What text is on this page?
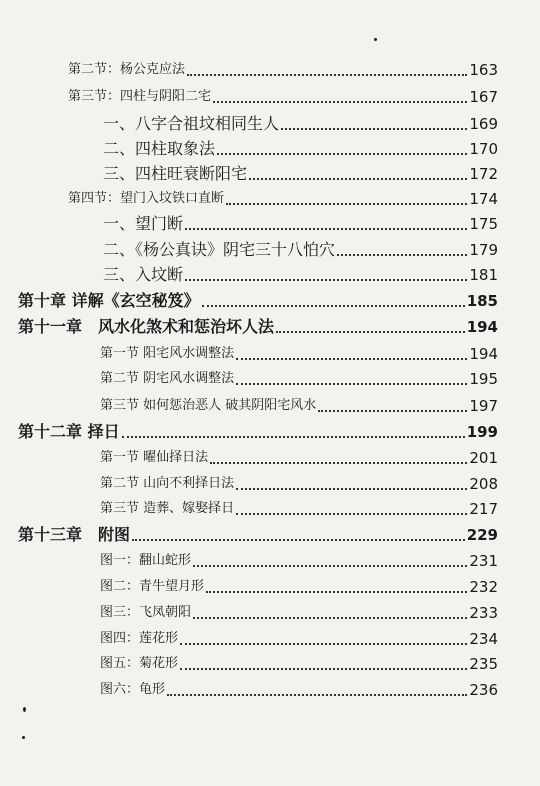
第二节：杨公克应法	163
第三节：四柱与阴阳二宅	167
一、八字合祖坟相同生人	169
二、四柱取象法	170
三、四柱旺衰断阳宅	172
第四节：望门入坟铁口直断	174
一、望门断	175
二、《杨公真诀》阴宅三十八怕穴	179
三、入坟断	181
第十章 详解《玄空秘笈》	185
第十一章　风水化煞术和惩治坏人法	194
第一节 阳宅风水调整法	194
第二节 阴宅风水调整法	195
第三节 如何惩治恶人 破其阴阳宅风水	197
第十二章 择日	199
第一节 曜仙择日法	201
第二节 山向不利择日法	208
第三节 造葬、嫁娶择日	217
第十三章　附图	229
图一：翻山蛇形	231
图二：青牛望月形	232
图三：飞凤朝阳	233
图四：莲花形	234
图五：菊花形	235
图六：龟形	236
